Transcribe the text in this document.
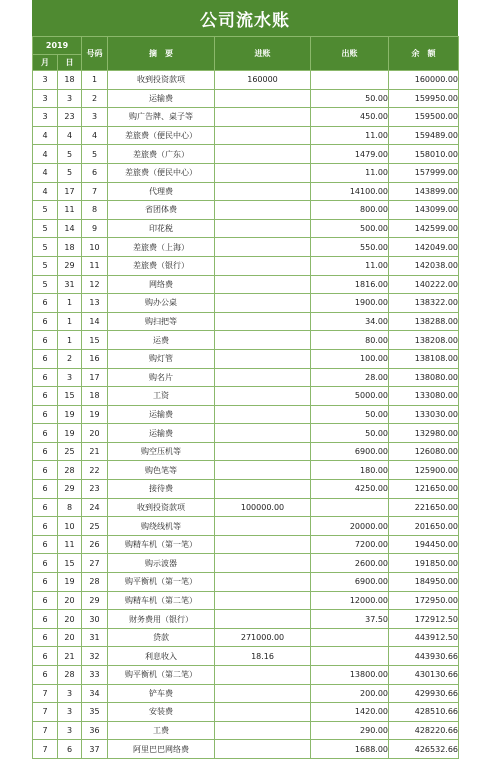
公司流水账
2019		号码	摘　要	进账	出账	余　额
月	日					
3	18	1	收到投资款项	160000		160000.00
3	3	2	运输费		50.00	159950.00
3	23	3	购广告牌、桌子等		450.00	159500.00
4	4	4	差旅费（便民中心）		11.00	159489.00
4	5	5	差旅费（广东）		1479.00	158010.00
4	5	6	差旅费（便民中心）		11.00	157999.00
4	17	7	代理费		14100.00	143899.00
5	11	8	省团体费		800.00	143099.00
5	14	9	印花税		500.00	142599.00
5	18	10	差旅费（上海）		550.00	142049.00
5	29	11	差旅费（银行）		11.00	142038.00
5	31	12	网络费		1816.00	140222.00
6	1	13	购办公桌		1900.00	138322.00
6	1	14	购扫把等		34.00	138288.00
6	1	15	运费		80.00	138208.00
6	2	16	购灯管		100.00	138108.00
6	3	17	购名片		28.00	138080.00
6	15	18	工资		5000.00	133080.00
6	19	19	运输费		50.00	133030.00
6	19	20	运输费		50.00	132980.00
6	25	21	购空压机等		6900.00	126080.00
6	28	22	购色笔等		180.00	125900.00
6	29	23	接待费		4250.00	121650.00
6	8	24	收到投资款项	100000.00		221650.00
6	10	25	购绕线机等		20000.00	201650.00
6	11	26	购精车机（第一笔）		7200.00	194450.00
6	15	27	购示波器		2600.00	191850.00
6	19	28	购平衡机（第一笔）		6900.00	184950.00
6	20	29	购精车机（第二笔）		12000.00	172950.00
6	20	30	财务费用（银行）		37.50	172912.50
6	20	31	贷款	271000.00		443912.50
6	21	32	利息收入	18.16		443930.66
6	28	33	购平衡机（第二笔）		13800.00	430130.66
7	3	34	铲车费		200.00	429930.66
7	3	35	安装费		1420.00	428510.66
7	3	36	工费		290.00	428220.66
7	6	37	阿里巴巴网络费		1688.00	426532.66
